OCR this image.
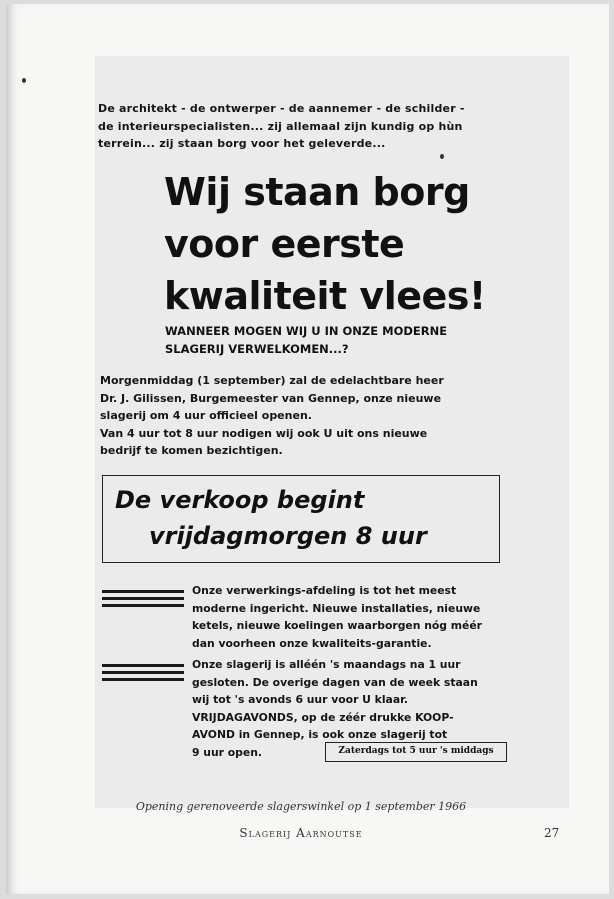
De architekt - de ontwerper - de aannemer - de schilder -
de interieurspecialisten... zij allemaal zijn kundig op hùn
terrein... zij staan borg voor het geleverde...
Wij staan borg
voor eerste
kwaliteit vlees!
WANNEER MOGEN WIJ U IN ONZE MODERNE
SLAGERIJ VERWELKOMEN...?
Morgenmiddag (1 september) zal de edelachtbare heer
Dr. J. Gilissen, Burgemeester van Gennep, onze nieuwe
slagerij om 4 uur officieel openen.
Van 4 uur tot 8 uur nodigen wij ook U uit ons nieuwe
bedrijf te komen bezichtigen.
De verkoop begint
vrijdagmorgen 8 uur
Onze verwerkings-afdeling is tot het meest
moderne ingericht. Nieuwe installaties, nieuwe
ketels, nieuwe koelingen waarborgen nóg méér
dan voorheen onze kwaliteits-garantie.
Onze slagerij is alléén 's maandags na 1 uur
gesloten. De overige dagen van de week staan
wij tot 's avonds 6 uur voor U klaar.
VRIJDAGAVONDS, op de zéér drukke KOOP-
AVOND in Gennep, is ook onze slagerij tot
9 uur open.	Zaterdags tot 5 uur 's middags
Opening gerenoveerde slagerswinkel op 1 september 1966
Slagerij Aarnoutse	27
